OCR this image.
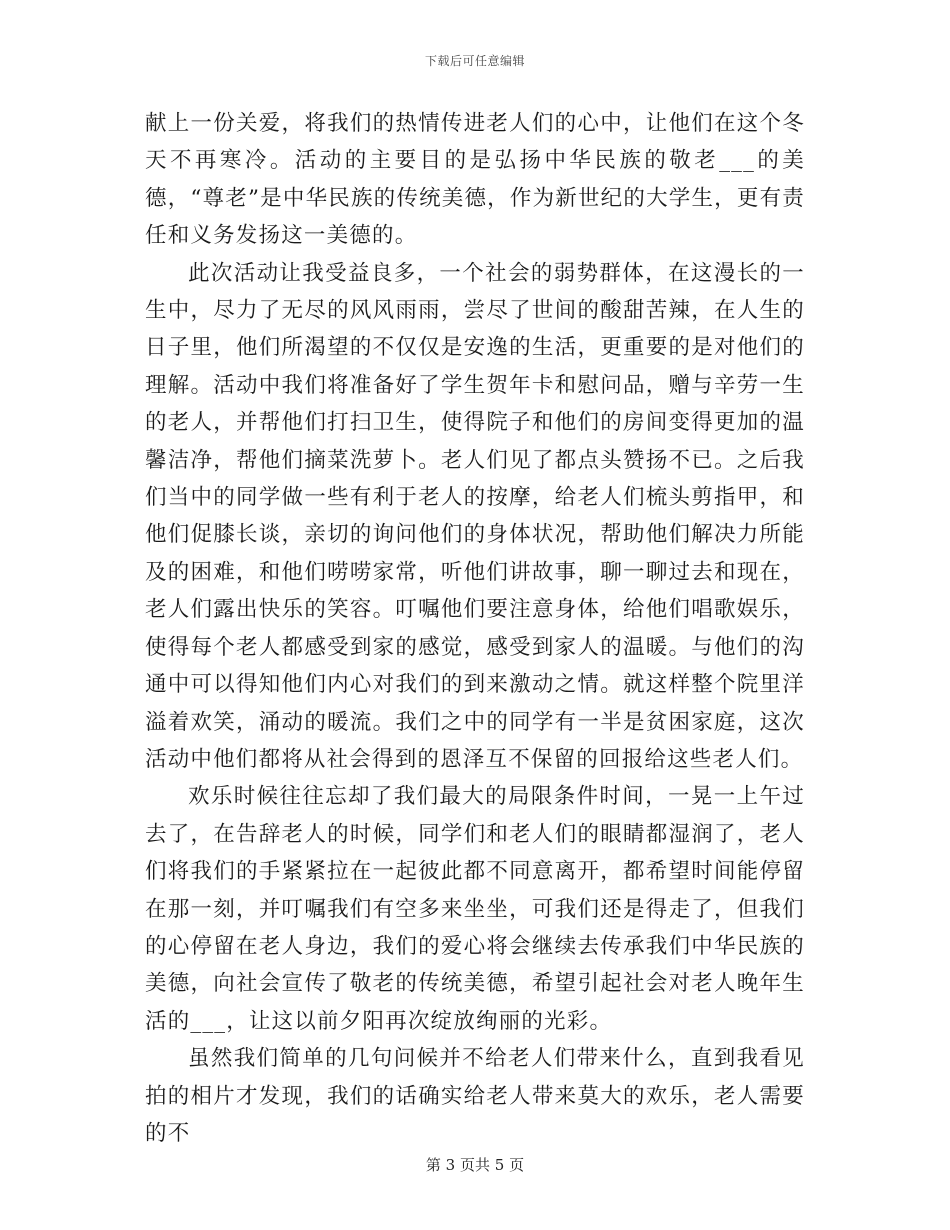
下载后可任意编辑

献上一份关爱，将我们的热情传进老人们的心中，让他们在这个冬天不再寒冷。活动的主要目的是弘扬中华民族的敬老___的美德，“尊老”是中华民族的传统美德，作为新世纪的大学生，更有责任和义务发扬这一美德的。

此次活动让我受益良多，一个社会的弱势群体，在这漫长的一生中，尽力了无尽的风风雨雨，尝尽了世间的酸甜苦辣，在人生的日子里，他们所渴望的不仅仅是安逸的生活，更重要的是对他们的理解。活动中我们将准备好了学生贺年卡和慰问品，赠与辛劳一生的老人，并帮他们打扫卫生，使得院子和他们的房间变得更加的温馨洁净，帮他们摘菜洗萝卜。老人们见了都点头赞扬不已。之后我们当中的同学做一些有利于老人的按摩，给老人们梳头剪指甲，和他们促膝长谈，亲切的询问他们的身体状况，帮助他们解决力所能及的困难，和他们唠唠家常，听他们讲故事，聊一聊过去和现在，老人们露出快乐的笑容。叮嘱他们要注意身体，给他们唱歌娱乐，使得每个老人都感受到家的感觉，感受到家人的温暖。与他们的沟通中可以得知他们内心对我们的到来激动之情。就这样整个院里洋溢着欢笑，涌动的暖流。我们之中的同学有一半是贫困家庭，这次活动中他们都将从社会得到的恩泽互不保留的回报给这些老人们。

欢乐时候往往忘却了我们最大的局限条件时间，一晃一上午过去了，在告辞老人的时候，同学们和老人们的眼睛都湿润了，老人们将我们的手紧紧拉在一起彼此都不同意离开，都希望时间能停留在那一刻，并叮嘱我们有空多来坐坐，可我们还是得走了，但我们的心停留在老人身边，我们的爱心将会继续去传承我们中华民族的美德，向社会宣传了敬老的传统美德，希望引起社会对老人晚年生活的___，让这以前夕阳再次绽放绚丽的光彩。

虽然我们简单的几句问候并不给老人们带来什么，直到我看见拍的相片才发现，我们的话确实给老人带来莫大的欢乐，老人需要的不

第 3 页共 5 页
